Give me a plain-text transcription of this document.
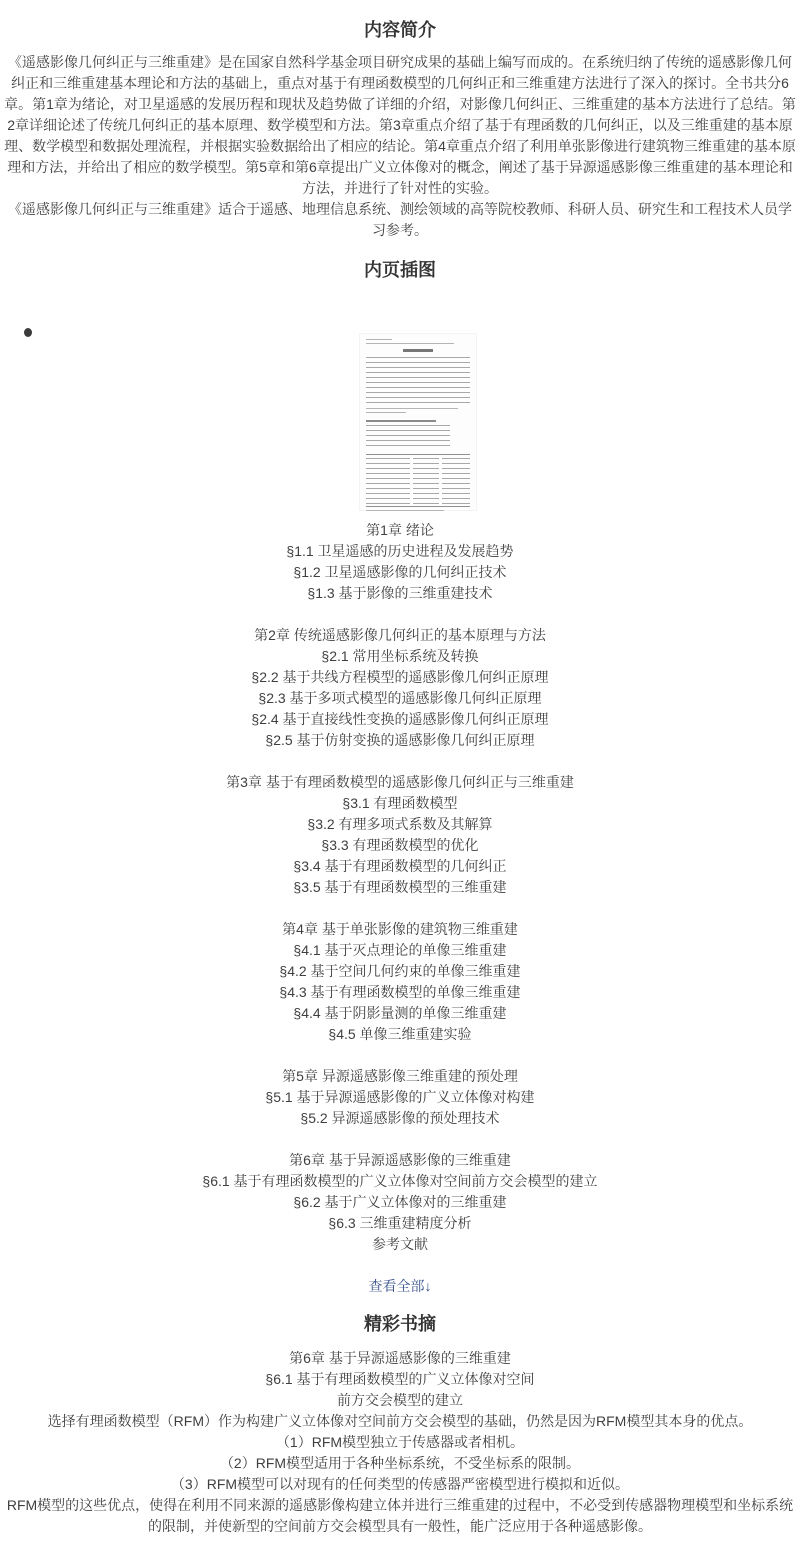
内容简介

《遥感影像几何纠正与三维重建》是在国家自然科学基金项目研究成果的基础上编写而成的。在系统归纳了传统的遥感影像几何纠正和三维重建基本理论和方法的基础上，重点对基于有理函数模型的几何纠正和三维重建方法进行了深入的探讨。全书共分6章。第1章为绪论，对卫星遥感的发展历程和现状及趋势做了详细的介绍，对影像几何纠正、三维重建的基本方法进行了总结。第2章详细论述了传统几何纠正的基本原理、数学模型和方法。第3章重点介绍了基于有理函数的几何纠正，以及三维重建的基本原理、数学模型和数据处理流程，并根据实验数据给出了相应的结论。第4章重点介绍了利用单张影像进行建筑物三维重建的基本原理和方法，并给出了相应的数学模型。第5章和第6章提出广义立体像对的概念，阐述了基于异源遥感影像三维重建的基本理论和方法，并进行了针对性的实验。

《遥感影像几何纠正与三维重建》适合于遥感、地理信息系统、测绘领域的高等院校教师、科研人员、研究生和工程技术人员学习参考。

内页插图
第1章 绪论
§1.1 卫星遥感的历史进程及发展趋势
§1.2 卫星遥感影像的几何纠正技术
§1.3 基于影像的三维重建技术
第2章 传统遥感影像几何纠正的基本原理与方法
§2.1 常用坐标系统及转换
§2.2 基于共线方程模型的遥感影像几何纠正原理
§2.3 基于多项式模型的遥感影像几何纠正原理
§2.4 基于直接线性变换的遥感影像几何纠正原理
§2.5 基于仿射变换的遥感影像几何纠正原理
第3章 基于有理函数模型的遥感影像几何纠正与三维重建
§3.1 有理函数模型
§3.2 有理多项式系数及其解算
§3.3 有理函数模型的优化
§3.4 基于有理函数模型的几何纠正
§3.5 基于有理函数模型的三维重建
第4章 基于单张影像的建筑物三维重建
§4.1 基于灭点理论的单像三维重建
§4.2 基于空间几何约束的单像三维重建
§4.3 基于有理函数模型的单像三维重建
§4.4 基于阴影量测的单像三维重建
§4.5 单像三维重建实验
第5章 异源遥感影像三维重建的预处理
§5.1 基于异源遥感影像的广义立体像对构建
§5.2 异源遥感影像的预处理技术
第6章 基于异源遥感影像的三维重建
§6.1 基于有理函数模型的广义立体像对空间前方交会模型的建立
§6.2 基于广义立体像对的三维重建
§6.3 三维重建精度分析
参考文献
查看全部↓
精彩书摘
第6章 基于异源遥感影像的三维重建
§6.1 基于有理函数模型的广义立体像对空间
前方交会模型的建立
选择有理函数模型（RFM）作为构建广义立体像对空间前方交会模型的基础，仍然是因为RFM模型其本身的优点。
（1）RFM模型独立于传感器或者相机。
（2）RFM模型适用于各种坐标系统，不受坐标系的限制。
（3）RFM模型可以对现有的任何类型的传感器严密模型进行模拟和近似。
RFM模型的这些优点，使得在利用不同来源的遥感影像构建立体并进行三维重建的过程中，不必受到传感器物理模型和坐标系统的限制，并使新型的空间前方交会模型具有一般性，能广泛应用于各种遥感影像。
